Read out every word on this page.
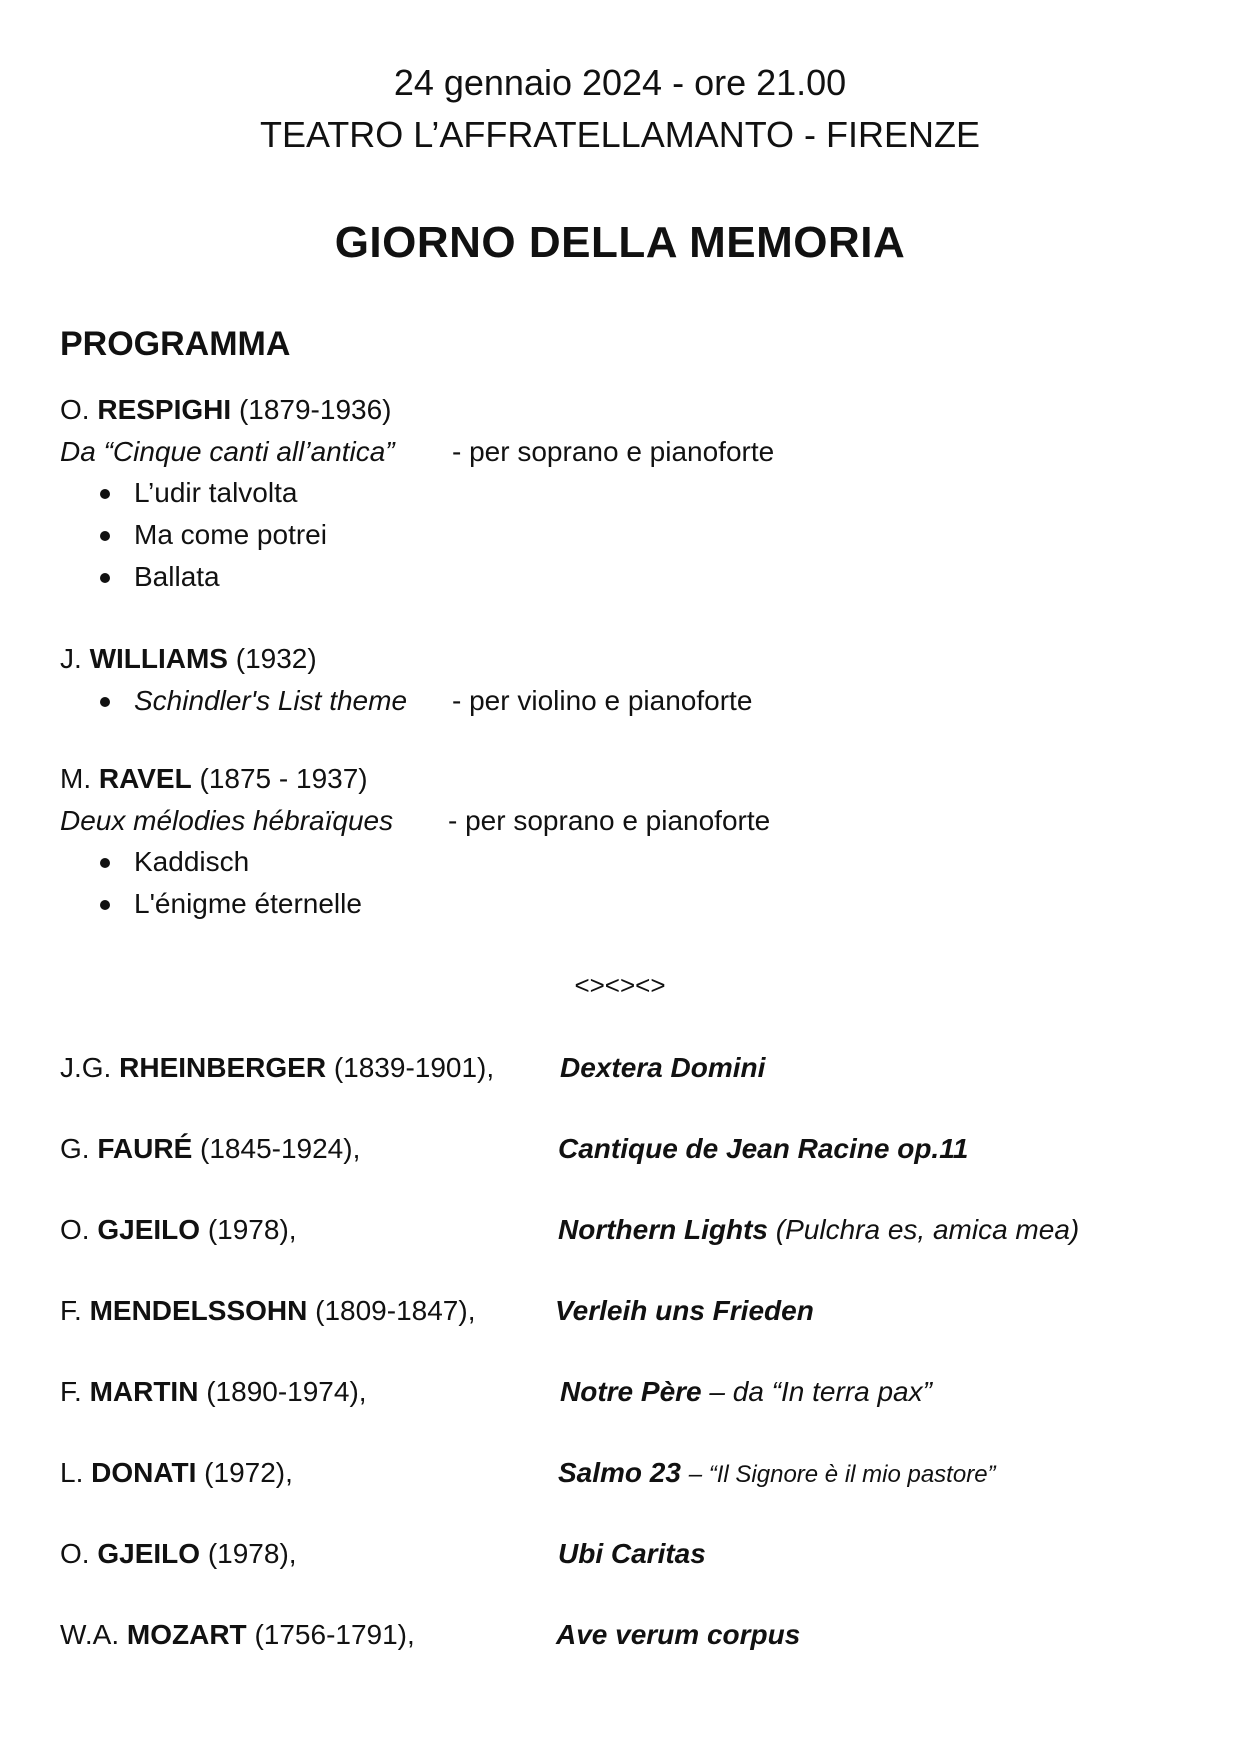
24 gennaio 2024 - ore 21.00
TEATRO L’AFFRATELLAMANTO - FIRENZE
GIORNO DELLA MEMORIA
PROGRAMMA
O. RESPIGHI (1879-1936)
Da “Cinque canti all’antica” - per soprano e pianoforte
L’udir talvolta
Ma come potrei
Ballata
J. WILLIAMS (1932)
Schindler's List theme - per violino e pianoforte
M. RAVEL (1875 - 1937)
Deux mélodies hébraïques - per soprano e pianoforte
Kaddisch
L'énigme éternelle
<><><>
J.G. RHEINBERGER (1839-1901), Dextera Domini
G. FAURÉ (1845-1924),	Cantique de Jean Racine op.11
O. GJEILO (1978),	Northern Lights (Pulchra es, amica mea)
F. MENDELSSOHN (1809-1847),	Verleih uns Frieden
F. MARTIN (1890-1974),	Notre Père – da “In terra pax”
L. DONATI (1972),	Salmo 23 – “Il Signore è il mio pastore”
O. GJEILO (1978),	Ubi Caritas
W.A. MOZART (1756-1791),	Ave verum corpus
